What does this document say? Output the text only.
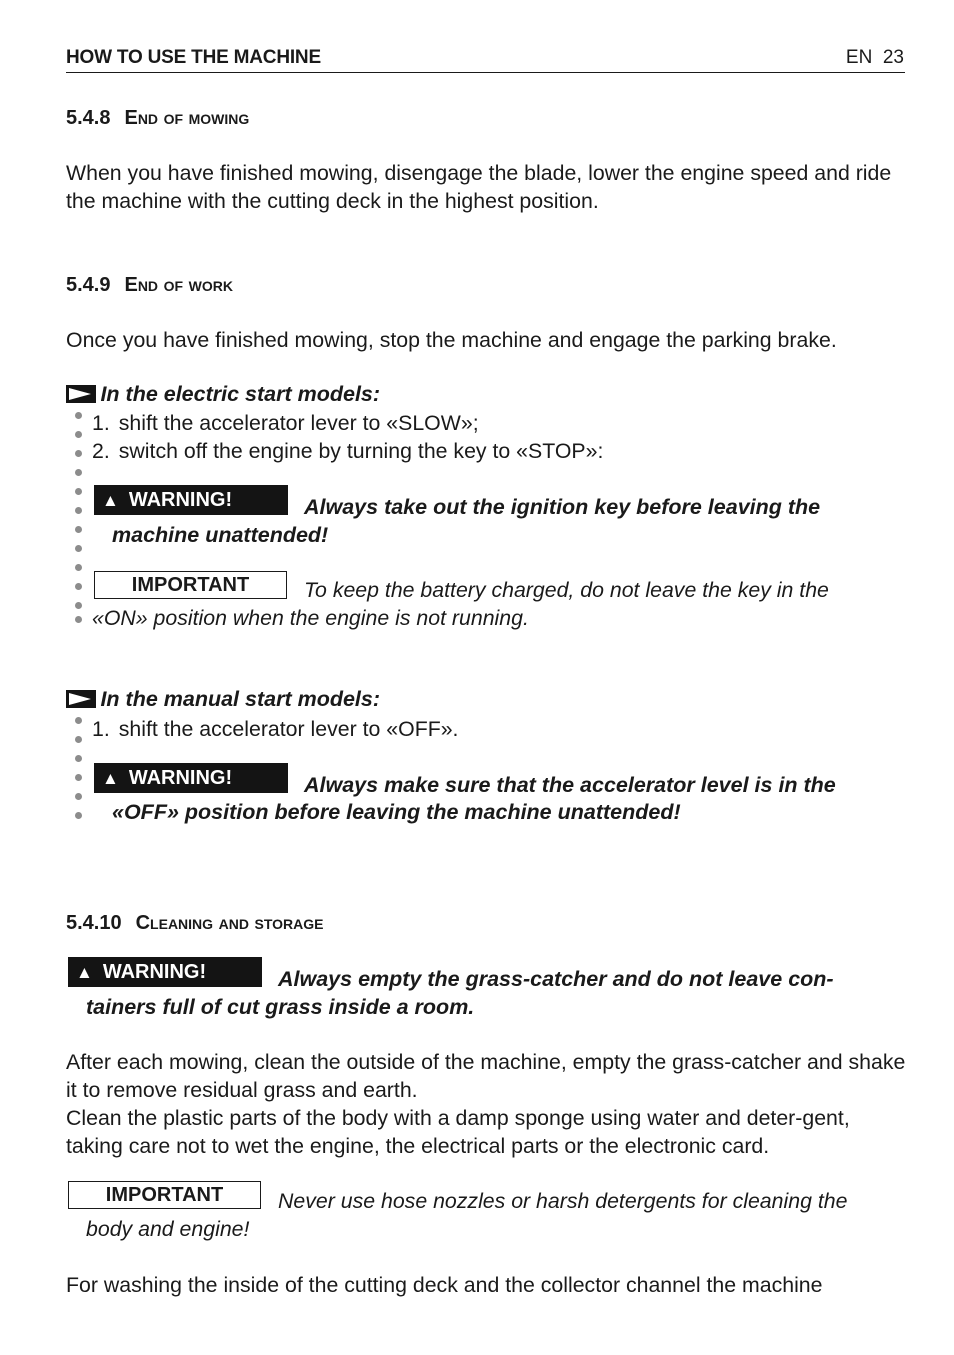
HOW TO USE THE MACHINE	EN 23
5.4.8 End of mowing
When you have finished mowing, disengage the blade, lower the engine speed and ride the machine with the cutting deck in the highest position.
5.4.9 End of work
Once you have finished mowing, stop the machine and engage the parking brake.
In the electric start models:
1. shift the accelerator lever to «SLOW»;
2. switch off the engine by turning the key to «STOP»:
▲ WARNING!	Always take out the ignition key before leaving the
machine unattended!
IMPORTANT	To keep the battery charged, do not leave the key in the
«ON» position when the engine is not running.
In the manual start models:
1. shift the accelerator lever to «OFF».
▲ WARNING!	Always make sure that the accelerator level is in the
«OFF» position before leaving the machine unattended!
5.4.10 Cleaning and storage
▲ WARNING!	Always empty the grass-catcher and do not leave con-
tainers full of cut grass inside a room.
After each mowing, clean the outside of the machine, empty the grass-catcher and shake it to remove residual grass and earth.
Clean the plastic parts of the body with a damp sponge using water and deter-gent, taking care not to wet the engine, the electrical parts or the electronic card.
IMPORTANT	Never use hose nozzles or harsh detergents for cleaning the
body and engine!
For washing the inside of the cutting deck and the collector channel the machine
